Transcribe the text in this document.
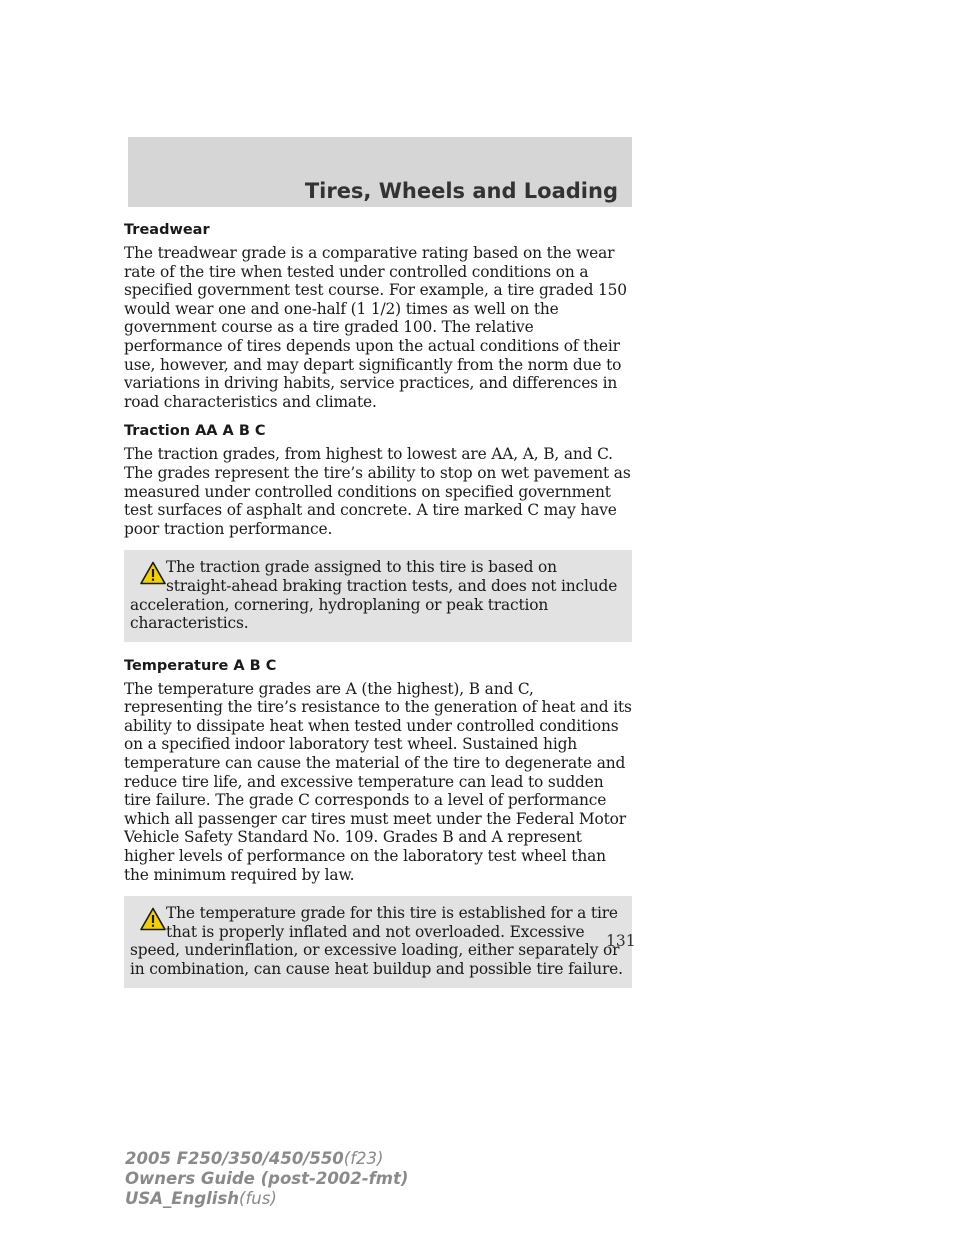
Tires, Wheels and Loading
Treadwear

The treadwear grade is a comparative rating based on the wear rate of the tire when tested under controlled conditions on a specified government test course. For example, a tire graded 150 would wear one and one-half (1 1/2) times as well on the government course as a tire graded 100. The relative performance of tires depends upon the actual conditions of their use, however, and may depart significantly from the norm due to variations in driving habits, service practices, and differences in road characteristics and climate.

Traction AA A B C

The traction grades, from highest to lowest are AA, A, B, and C. The grades represent the tire’s ability to stop on wet pavement as measured under controlled conditions on specified government test surfaces of asphalt and concrete. A tire marked C may have poor traction performance.

The traction grade assigned to this tire is based on straight-ahead braking traction tests, and does not include acceleration, cornering, hydroplaning or peak traction characteristics.

Temperature A B C

The temperature grades are A (the highest), B and C, representing the tire’s resistance to the generation of heat and its ability to dissipate heat when tested under controlled conditions on a specified indoor laboratory test wheel. Sustained high temperature can cause the material of the tire to degenerate and reduce tire life, and excessive temperature can lead to sudden tire failure. The grade C corresponds to a level of performance which all passenger car tires must meet under the Federal Motor Vehicle Safety Standard No. 109. Grades B and A represent higher levels of performance on the laboratory test wheel than the minimum required by law.

The temperature grade for this tire is established for a tire that is properly inflated and not overloaded. Excessive speed, underinflation, or excessive loading, either separately or in combination, can cause heat buildup and possible tire failure.

131
2005 F250/350/450/550(f23)
Owners Guide (post-2002-fmt)
USA_English(fus)
